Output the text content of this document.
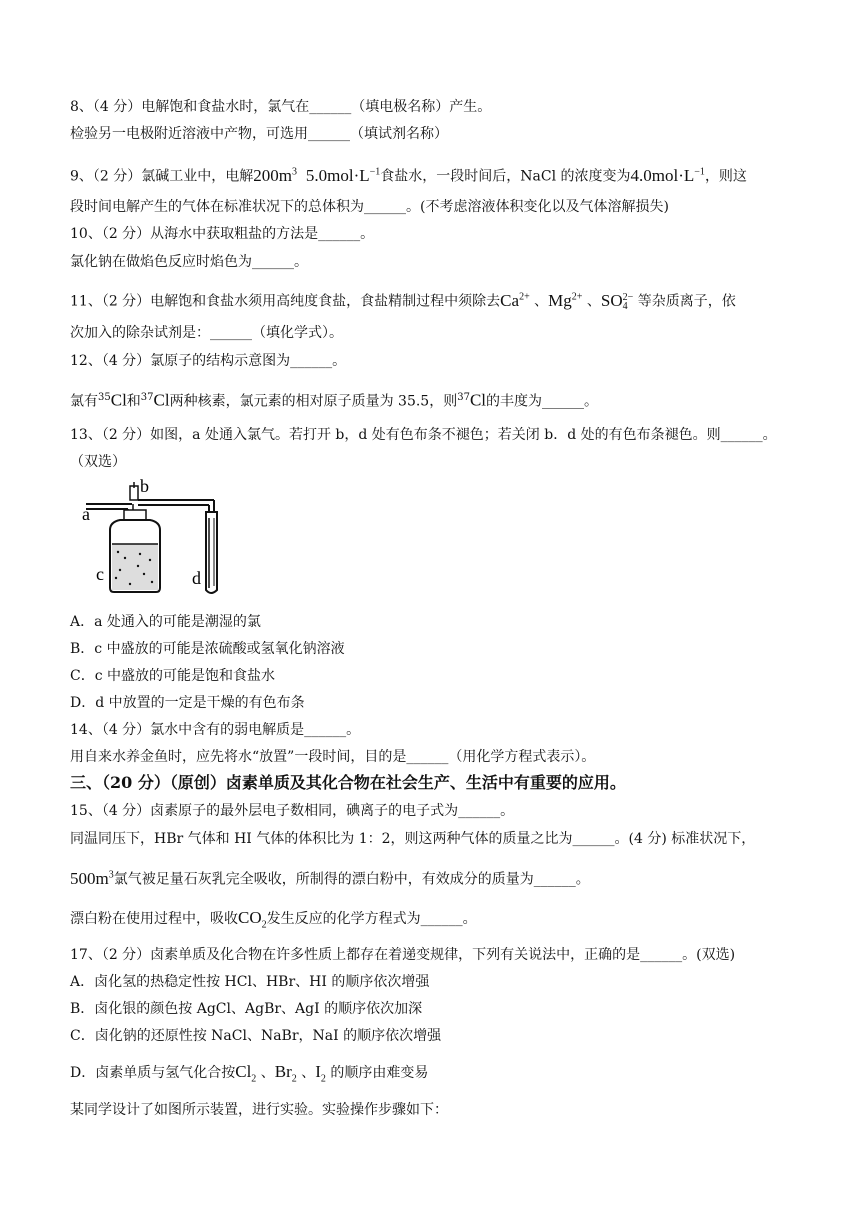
8、（4 分）电解饱和食盐水时，氯气在______（填电极名称）产生。
检验另一电极附近溶液中产物，可选用______（填试剂名称）
9、（2 分）氯碱工业中，电解$200m^3$ $5.0mol\cdot L^{-1}$食盐水，一段时间后，NaCl 的浓度变为$4.0mol\cdot L^{-1}$，则这
段时间电解产生的气体在标准状况下的总体积为______。(不考虑溶液体积变化以及气体溶解损失)
10、（2 分）从海水中获取粗盐的方法是______。
氯化钠在做焰色反应时焰色为______。
11、（2 分）电解饱和食盐水须用高纯度食盐，食盐精制过程中须除去$Ca^{2+}$ 、$Mg^{2+}$ 、SO 2−
4 等杂质离子，依
次加入的除杂试剂是：______（填化学式）。
12、（4 分）氯原子的结构示意图为______。
氯有$^{35}$Cl和$^{37}$Cl两种核素，氯元素的相对原子质量为 35.5，则$^{37}$Cl的丰度为______。
13、（2 分）如图，a 处通入氯气。若打开 b，d 处有色布条不褪色；若关闭 b．d 处的有色布条褪色。则______。
（双选）
a
b
c	d
A．a 处通入的可能是潮湿的氯
B．c 中盛放的可能是浓硫酸或氢氧化钠溶液
C．c 中盛放的可能是饱和食盐水
D．d 中放置的一定是干燥的有色布条
14、（4 分）氯水中含有的弱电解质是______。
用自来水养金鱼时，应先将水“放置”一段时间，目的是______（用化学方程式表示）。
三、（20 分）（原创）卤素单质及其化合物在社会生产、生活中有重要的应用。
15、（4 分）卤素原子的最外层电子数相同，碘离子的电子式为______。
同温同压下，HBr 气体和 HI 气体的体积比为 1：2，则这两种气体的质量之比为______。(4 分) 标准状况下，
$500m^3$氯气被足量石灰乳完全吸收，所制得的漂白粉中，有效成分的质量为______。
漂白粉在使用过程中，吸收$CO_2$发生反应的化学方程式为______。
17、（2 分）卤素单质及化合物在许多性质上都存在着递变规律，下列有关说法中，正确的是______。(双选)
A．卤化氢的热稳定性按 HCl、HBr、HI 的顺序依次增强
B．卤化银的颜色按 AgCl、AgBr、AgI 的顺序依次加深
C．卤化钠的还原性按 NaCl、NaBr，NaI 的顺序依次增强
D．卤素单质与氢气化合按$Cl_2$ 、$Br_2$ 、$I_2$ 的顺序由难变易
某同学设计了如图所示装置，进行实验。实验操作步骤如下：
